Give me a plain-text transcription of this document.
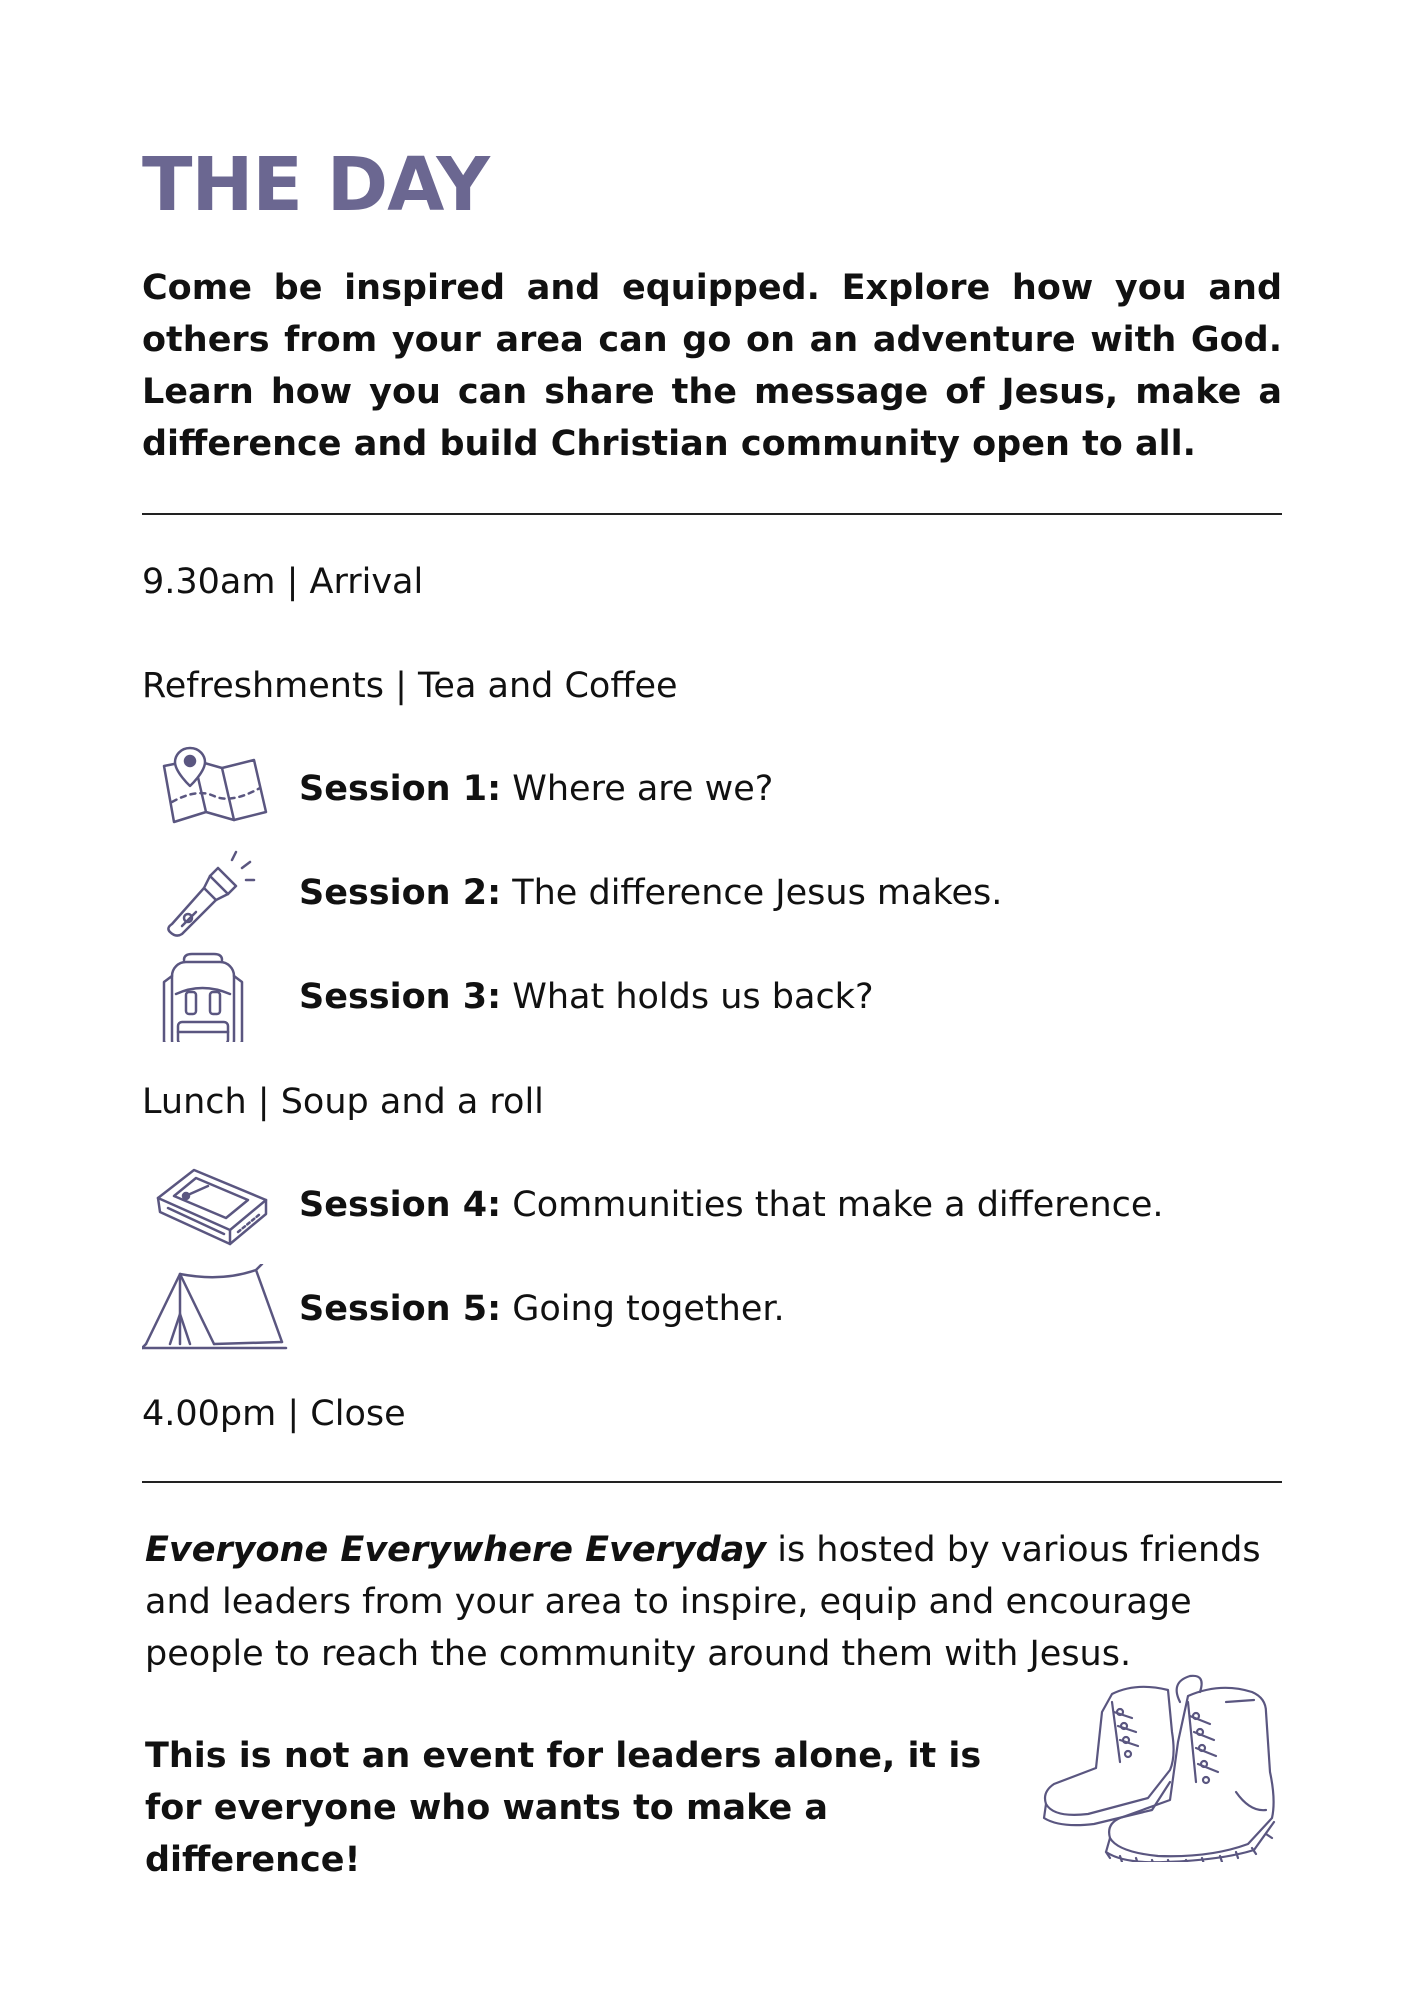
THE DAY

Come be inspired and equipped. Explore how you and others from your area can go on an adventure with God. Learn how you can share the message of Jesus, make a difference and build Christian community open to all.

9.30am | Arrival
Refreshments | Tea and Coffee
Session 1: Where are we?
Session 2: The difference Jesus makes.
Session 3: What holds us back?
Lunch | Soup and a roll
Session 4: Communities that make a difference.
Session 5: Going together.
4.00pm | Close

Everyone Everywhere Everyday is hosted by various friends and leaders from your area to inspire, equip and encourage people to reach the community around them with Jesus.

This is not an event for leaders alone, it is for everyone who wants to make a difference!
